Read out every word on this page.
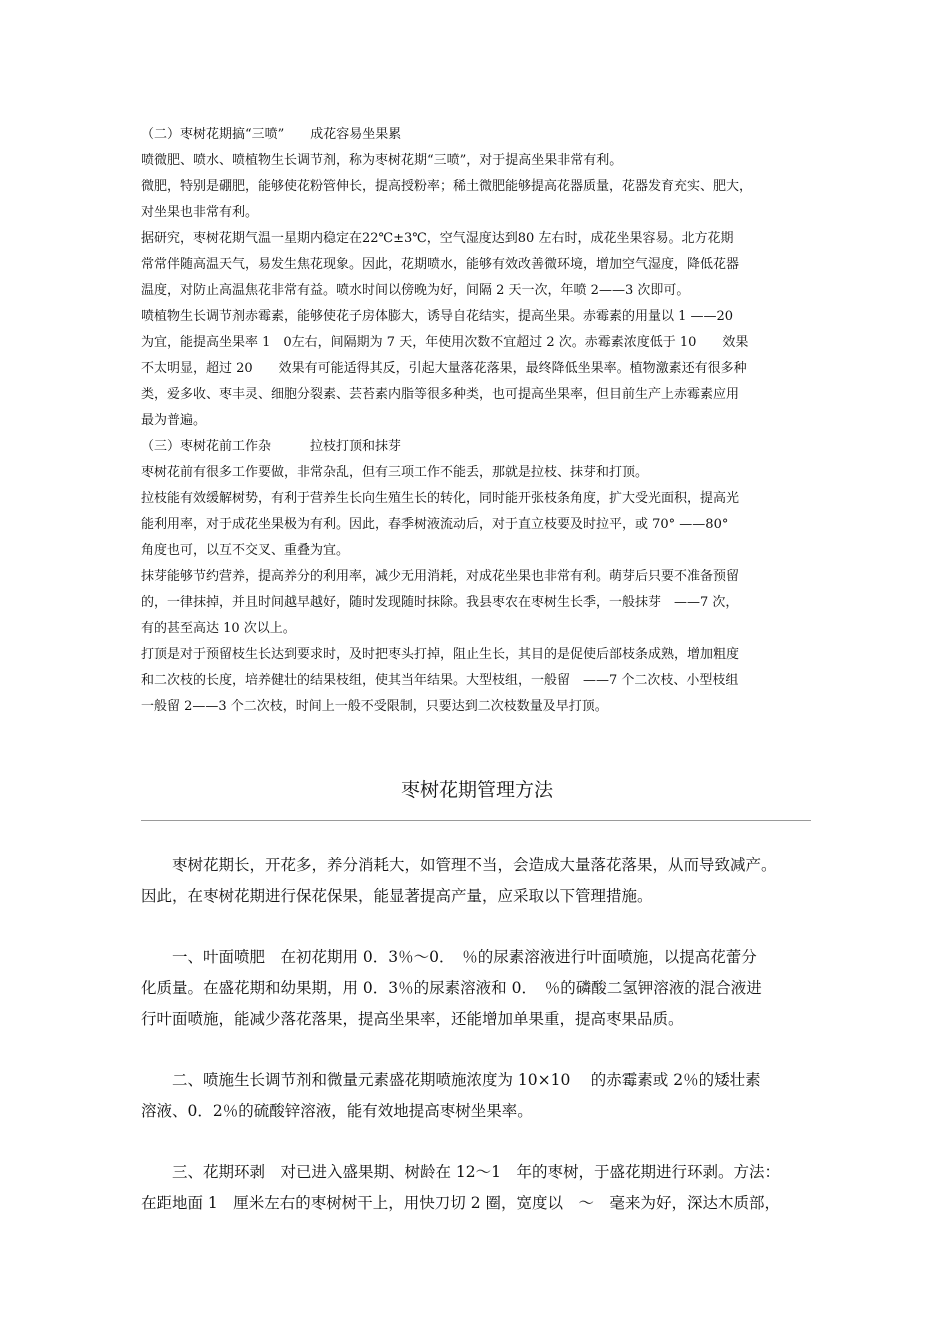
（二）枣树花期搞“三喷”　　成花容易坐果累
喷微肥、喷水、喷植物生长调节剂，称为枣树花期“三喷”，对于提高坐果非常有利。
微肥，特别是硼肥，能够使花粉管伸长，提高授粉率；稀土微肥能够提高花器质量，花器发育充实、肥大，
对坐果也非常有利。
据研究，枣树花期气温一星期内稳定在22℃±3℃，空气湿度达到80 左右时，成花坐果容易。北方花期
常常伴随高温天气，易发生焦花现象。因此，花期喷水，能够有效改善微环境，增加空气湿度，降低花器
温度，对防止高温焦花非常有益。喷水时间以傍晚为好，间隔 2 天一次，年喷 2——3 次即可。
喷植物生长调节剂赤霉素，能够使花子房体膨大，诱导自花结实，提高坐果。赤霉素的用量以 1 ——20
为宜，能提高坐果率 1　0左右，间隔期为 7 天，年使用次数不宜超过 2 次。赤霉素浓度低于 10　　效果
不太明显，超过 20　　效果有可能适得其反，引起大量落花落果，最终降低坐果率。植物激素还有很多种
类，爱多收、枣丰灵、细胞分裂素、芸苔素内脂等很多种类，也可提高坐果率，但目前生产上赤霉素应用
最为普遍。
（三）枣树花前工作杂　　　拉枝打顶和抹芽
枣树花前有很多工作要做，非常杂乱，但有三项工作不能丢，那就是拉枝、抹芽和打顶。
拉枝能有效缓解树势，有利于营养生长向生殖生长的转化，同时能开张枝条角度，扩大受光面积，提高光
能利用率，对于成花坐果极为有利。因此，春季树液流动后，对于直立枝要及时拉平，或 70° ——80°
角度也可，以互不交叉、重叠为宜。
抹芽能够节约营养，提高养分的利用率，减少无用消耗，对成花坐果也非常有利。萌芽后只要不准备预留
的，一律抹掉，并且时间越早越好，随时发现随时抹除。我县枣农在枣树生长季，一般抹芽　——7 次，
有的甚至高达 10 次以上。
打顶是对于预留枝生长达到要求时，及时把枣头打掉，阻止生长，其目的是促使后部枝条成熟，增加粗度
和二次枝的长度，培养健壮的结果枝组，使其当年结果。大型枝组，一般留　——7 个二次枝、小型枝组
一般留 2——3 个二次枝，时间上一般不受限制，只要达到二次枝数量及早打顶。
枣树花期管理方法
　　枣树花期长，开花多，养分消耗大，如管理不当，会造成大量落花落果，从而导致减产。
因此，在枣树花期进行保花保果，能显著提高产量，应采取以下管理措施。
　　一、叶面喷肥　在初花期用 0．3％～0．　％的尿素溶液进行叶面喷施，以提高花蕾分
化质量。在盛花期和幼果期，用 0．3％的尿素溶液和 0．　％的磷酸二氢钾溶液的混合液进
行叶面喷施，能减少落花落果，提高坐果率，还能增加单果重，提高枣果品质。
　　二、喷施生长调节剂和微量元素盛花期喷施浓度为 10×10　 的赤霉素或 2％的矮壮素
溶液、0．2％的硫酸锌溶液，能有效地提高枣树坐果率。
　　三、花期环剥　对已进入盛果期、树龄在 12～1　年的枣树，于盛花期进行环剥。方法：
在距地面 1　厘米左右的枣树树干上，用快刀切 2 圈，宽度以　～　毫来为好，深达木质部，
